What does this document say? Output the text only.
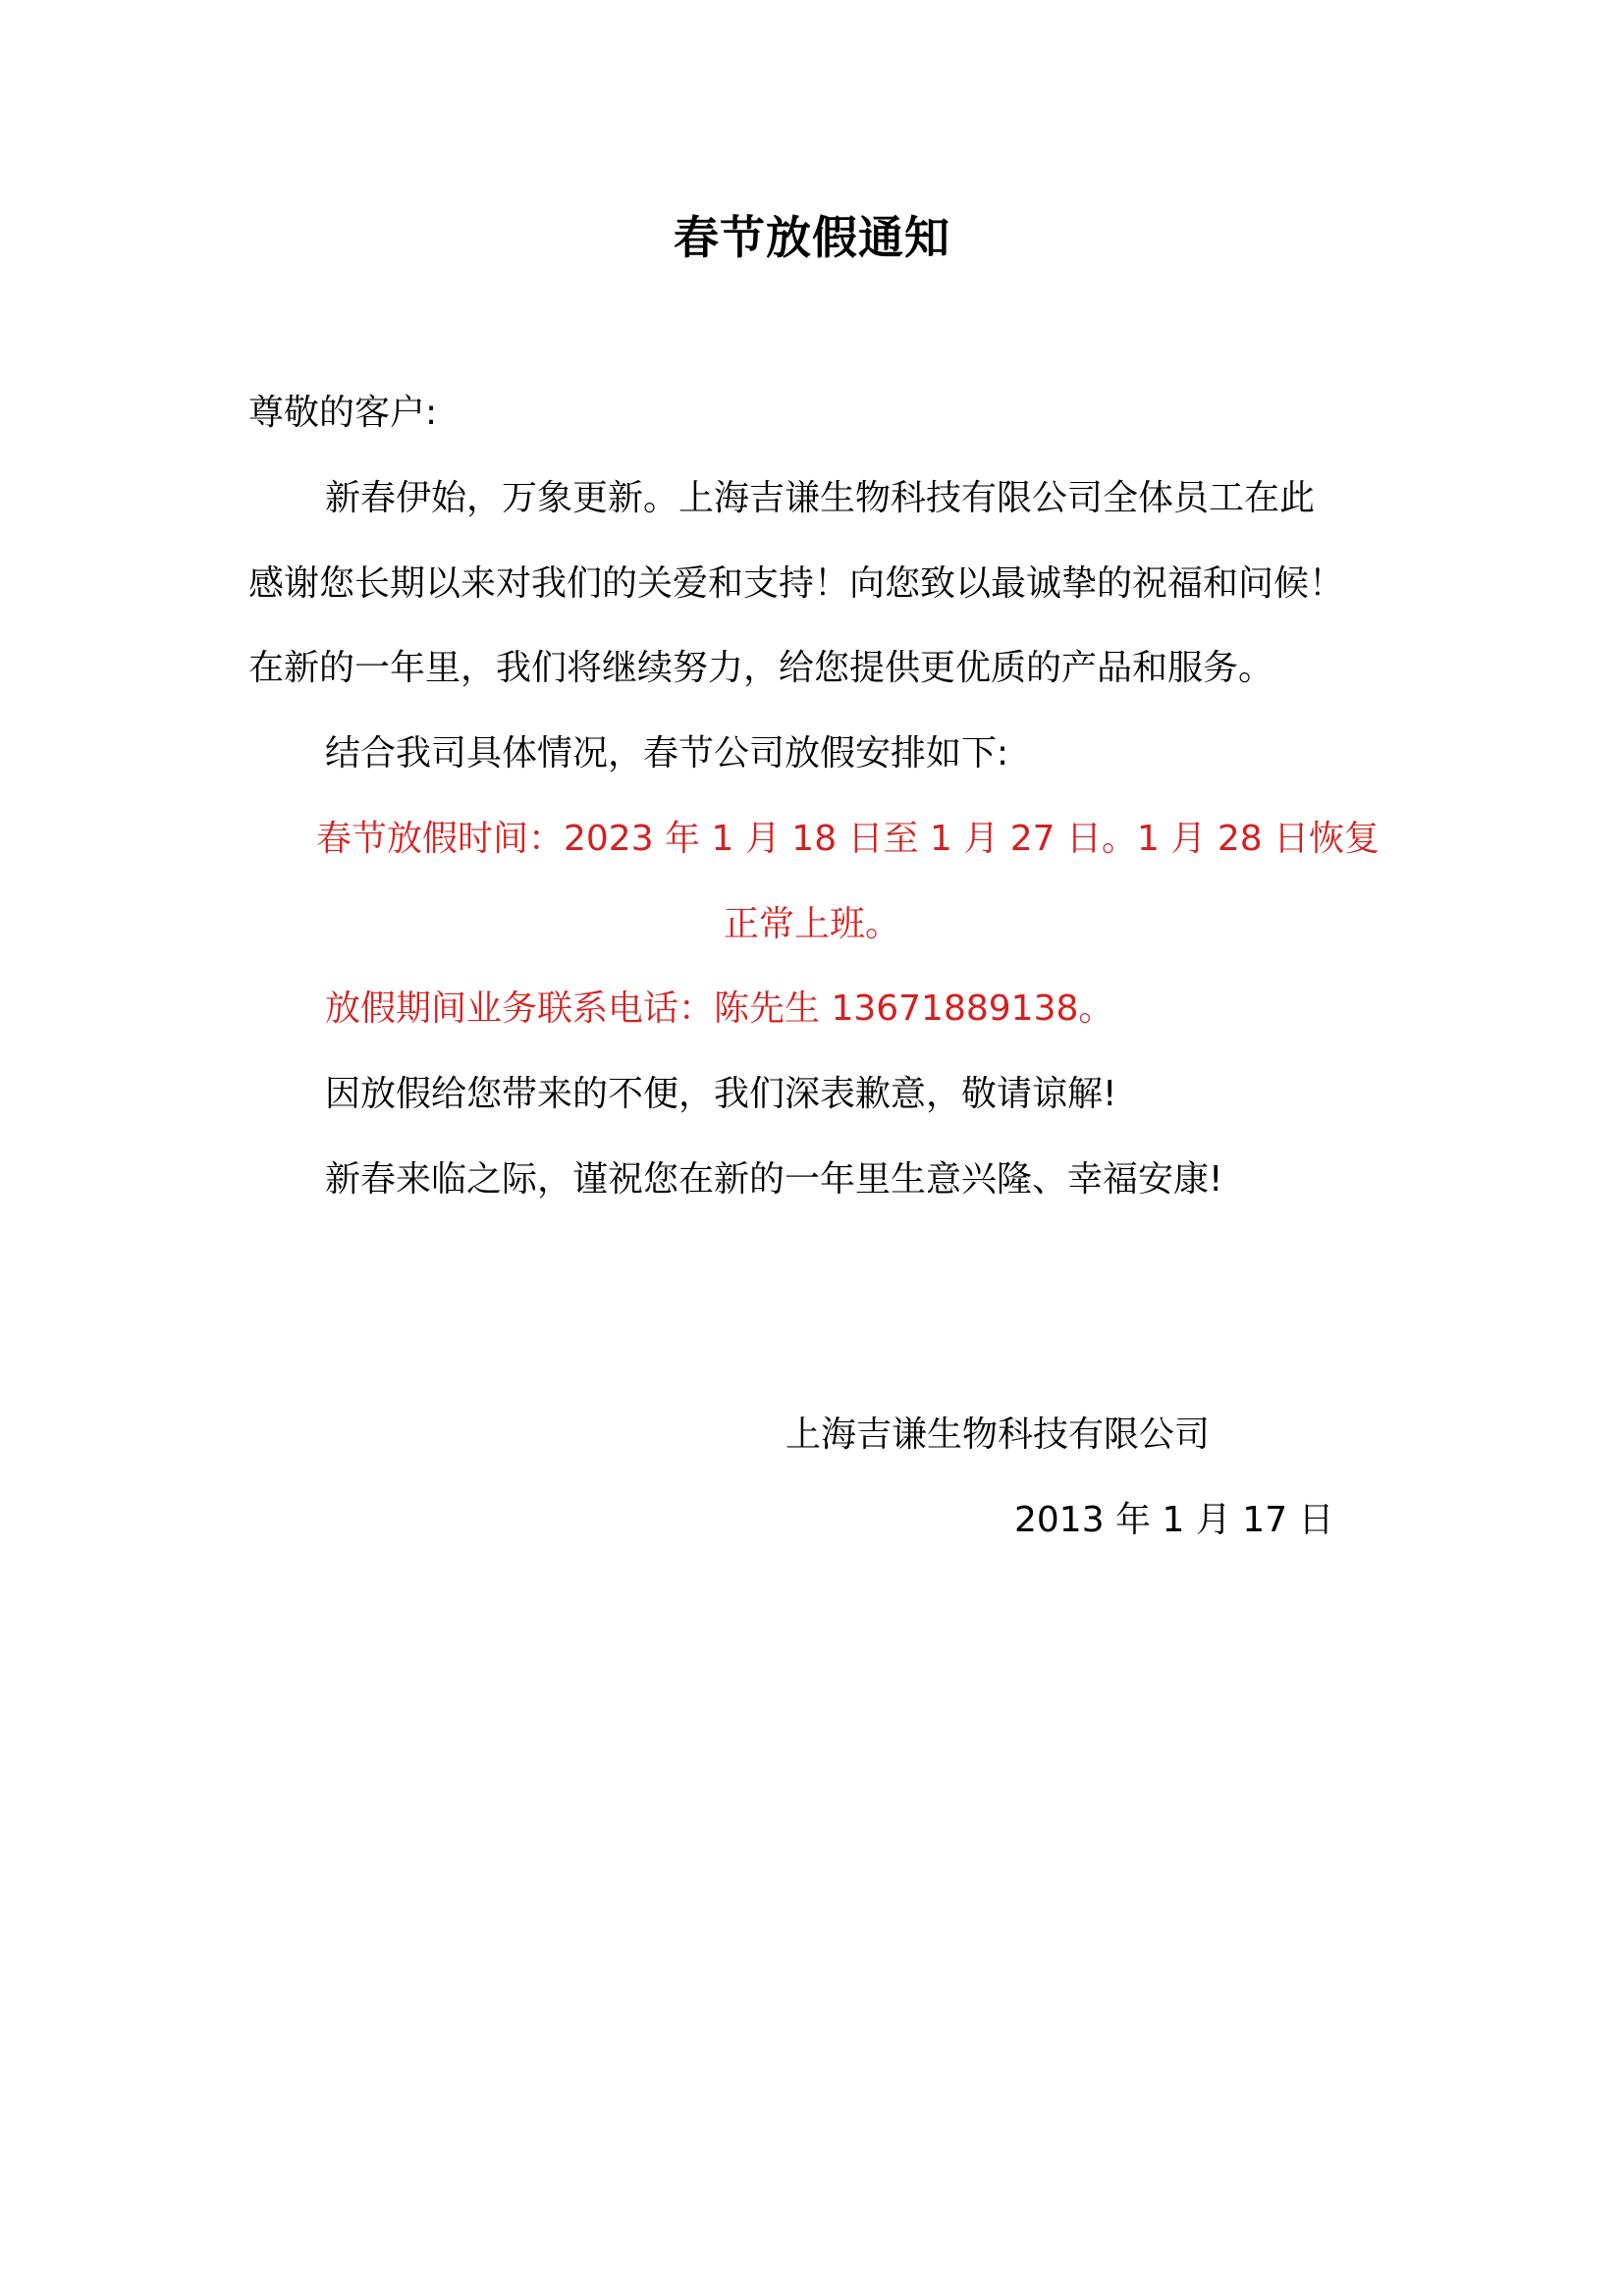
春节放假通知
尊敬的客户:
新春伊始，万象更新。上海吉谦生物科技有限公司全体员工在此
感谢您长期以来对我们的关爱和支持！向您致以最诚挚的祝福和问候！
在新的一年里，我们将继续努力，给您提供更优质的产品和服务。
结合我司具体情况，春节公司放假安排如下:
春节放假时间：2023 年 1 月 18 日至 1 月 27 日。1 月 28 日恢复
正常上班。
放假期间业务联系电话：陈先生 13671889138。
因放假给您带来的不便，我们深表歉意，敬请谅解!
新春来临之际，谨祝您在新的一年里生意兴隆、幸福安康!
上海吉谦生物科技有限公司
2013 年 1 月 17 日
